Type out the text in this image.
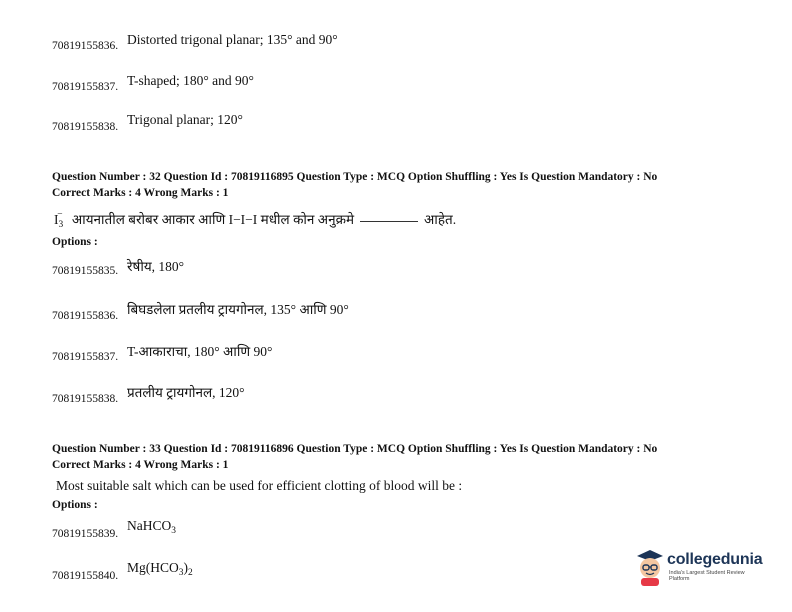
70819155836. Distorted trigonal planar; 135° and 90°
70819155837. T-shaped; 180° and 90°
70819155838. Trigonal planar; 120°
Question Number : 32 Question Id : 70819116895 Question Type : MCQ Option Shuffling : Yes Is Question Mandatory : No
Correct Marks : 4 Wrong Marks : 1
$I_3^-$ आयनातील बरोबर आकार आणि I−I−I मधील कोन अनुक्रमे	आहेत.
Options :
70819155835. रेषीय, 180°
70819155836. बिघडलेला प्रतलीय ट्रायगोनल, 135° आणि 90°
70819155837. T-आकाराचा, 180° आणि 90°
70819155838. प्रतलीय ट्रायगोनल, 120°
Question Number : 33 Question Id : 70819116896 Question Type : MCQ Option Shuffling : Yes Is Question Mandatory : No
Correct Marks : 4 Wrong Marks : 1
Most suitable salt which can be used for efficient clotting of blood will be :
Options :
70819155839.
NaHCO$_3$
70819155840.
$Mg(HCO_3)_2$
collegedunia
India's Largest Student Review Platform
